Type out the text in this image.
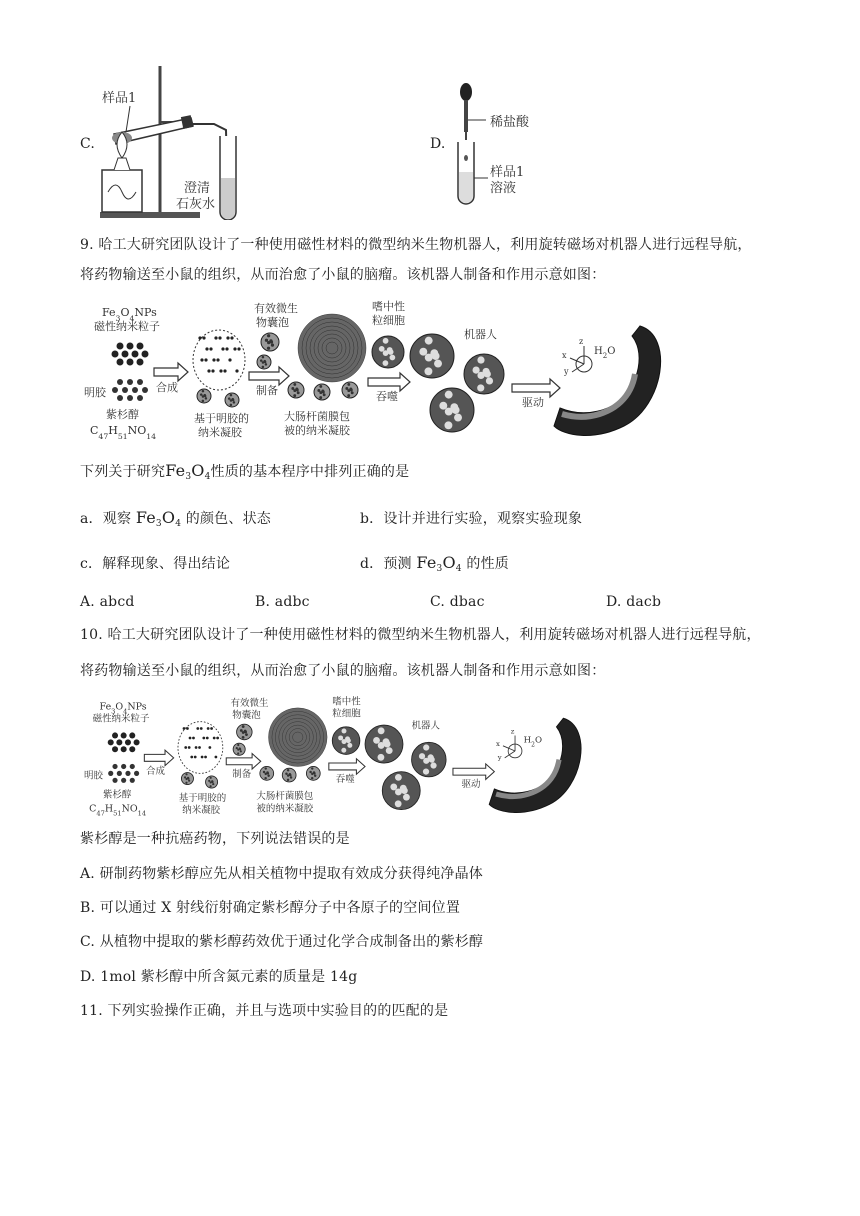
C.
样品1
澄清
石灰水
D.
稀盐酸
样品1
溶液
9. 哈工大研究团队设计了一种使用磁性材料的微型纳米生物机器人，利用旋转磁场对机器人进行远程导航，
将药物输送至小鼠的组织，从而治愈了小鼠的脑瘤。该机器人制备和作用示意如图：
$Fe_3O_4NPs$
磁性纳米粒子
明胶
紫杉醇
$C_{47}H_{51}NO_{14}$
合成
基于明胶的
纳米凝胶
有效微生
物囊泡
制备
大肠杆菌膜包
被的纳米凝胶
嗜中性
粒细胞
吞噬
机器人
驱动
z
x
y
$H_2O$
下列关于研究$Fe_3O_4$性质的基本程序中排列正确的是
a．观察 $Fe_3O_4$ 的颜色、状态	b．设计并进行实验，观察实验现象
c．解释现象、得出结论	d．预测 $Fe_3O_4$ 的性质
A. abcd	B. adbc	C. dbac	D. dacb
10. 哈工大研究团队设计了一种使用磁性材料的微型纳米生物机器人，利用旋转磁场对机器人进行远程导航，
将药物输送至小鼠的组织，从而治愈了小鼠的脑瘤。该机器人制备和作用示意如图：
$Fe_3O_4NPs$
磁性纳米粒子
明胶
紫杉醇
$C_{47}H_{51}NO_{14}$
合成
基于明胶的
纳米凝胶
有效微生
物囊泡
制备
大肠杆菌膜包
被的纳米凝胶
嗜中性
粒细胞
吞噬
机器人
驱动
z
x
y
$H_2O$
紫杉醇是一种抗癌药物，下列说法错误的是
A. 研制药物紫杉醇应先从相关植物中提取有效成分获得纯净晶体
B. 可以通过 X 射线衍射确定紫杉醇分子中各原子的空间位置
C. 从植物中提取的紫杉醇药效优于通过化学合成制备出的紫杉醇
D. 1mol 紫杉醇中所含氮元素的质量是 14g
11. 下列实验操作正确，并且与选项中实验目的的匹配的是
